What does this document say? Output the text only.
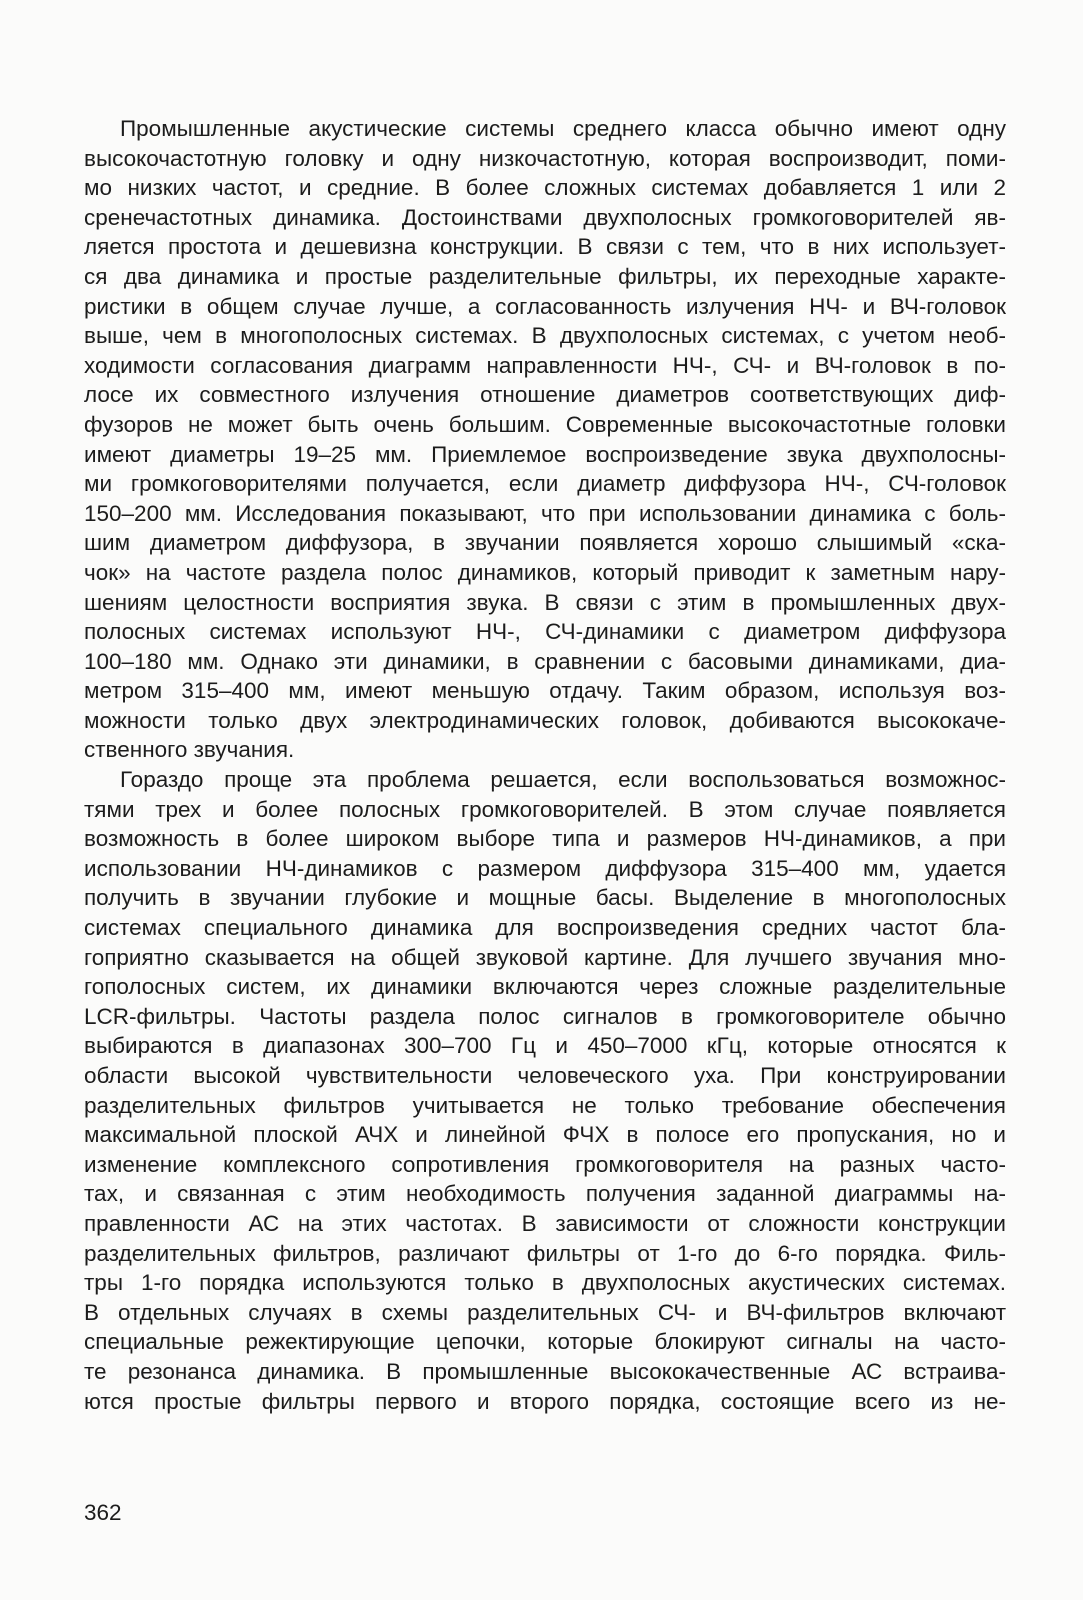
Промышленные акустические системы среднего класса обычно имеют одну
высокочастотную головку и одну низкочастотную, которая воспроизводит, поми-
мо низких частот, и средние. В более сложных системах добавляется 1 или 2
сренечастотных динамика. Достоинствами двухполосных громкоговорителей яв-
ляется простота и дешевизна конструкции. В связи с тем, что в них использует-
ся два динамика и простые разделительные фильтры, их переходные характе-
ристики в общем случае лучше, а согласованность излучения НЧ- и ВЧ-головок
выше, чем в многополосных системах. В двухполосных системах, с учетом необ-
ходимости согласования диаграмм направленности НЧ-, СЧ- и ВЧ-головок в по-
лосе их совместного излучения отношение диаметров соответствующих диф-
фузоров не может быть очень большим. Современные высокочастотные головки
имеют диаметры 19–25 мм. Приемлемое воспроизведение звука двухполосны-
ми громкоговорителями получается, если диаметр диффузора НЧ-, СЧ-головок
150–200 мм. Исследования показывают, что при использовании динамика с боль-
шим диаметром диффузора, в звучании появляется хорошо слышимый «ска-
чок» на частоте раздела полос динамиков, который приводит к заметным нару-
шениям целостности восприятия звука. В связи с этим в промышленных двух-
полосных системах используют НЧ-, СЧ-динамики с диаметром диффузора
100–180 мм. Однако эти динамики, в сравнении с басовыми динамиками, диа-
метром 315–400 мм, имеют меньшую отдачу. Таким образом, используя воз-
можности только двух электродинамических головок, добиваются высококаче-
ственного звучания.
Гораздо проще эта проблема решается, если воспользоваться возможнос-
тями трех и более полосных громкоговорителей. В этом случае появляется
возможность в более широком выборе типа и размеров НЧ-динамиков, а при
использовании НЧ-динамиков с размером диффузора 315–400 мм, удается
получить в звучании глубокие и мощные басы. Выделение в многополосных
системах специального динамика для воспроизведения средних частот бла-
гоприятно сказывается на общей звуковой картине. Для лучшего звучания мно-
гополосных систем, их динамики включаются через сложные разделительные
LCR-фильтры. Частоты раздела полос сигналов в громкоговорителе обычно
выбираются в диапазонах 300–700 Гц и 450–7000 кГц, которые относятся к
области высокой чувствительности человеческого уха. При конструировании
разделительных фильтров учитывается не только требование обеспечения
максимальной плоской АЧХ и линейной ФЧХ в полосе его пропускания, но и
изменение комплексного сопротивления громкоговорителя на разных часто-
тах, и связанная с этим необходимость получения заданной диаграммы на-
правленности АС на этих частотах. В зависимости от сложности конструкции
разделительных фильтров, различают фильтры от 1-го до 6-го порядка. Филь-
тры 1-го порядка используются только в двухполосных акустических системах.
В отдельных случаях в схемы разделительных СЧ- и ВЧ-фильтров включают
специальные режектирующие цепочки, которые блокируют сигналы на часто-
те резонанса динамика. В промышленные высококачественные АС встраива-
ются простые фильтры первого и второго порядка, состоящие всего из не-
362
